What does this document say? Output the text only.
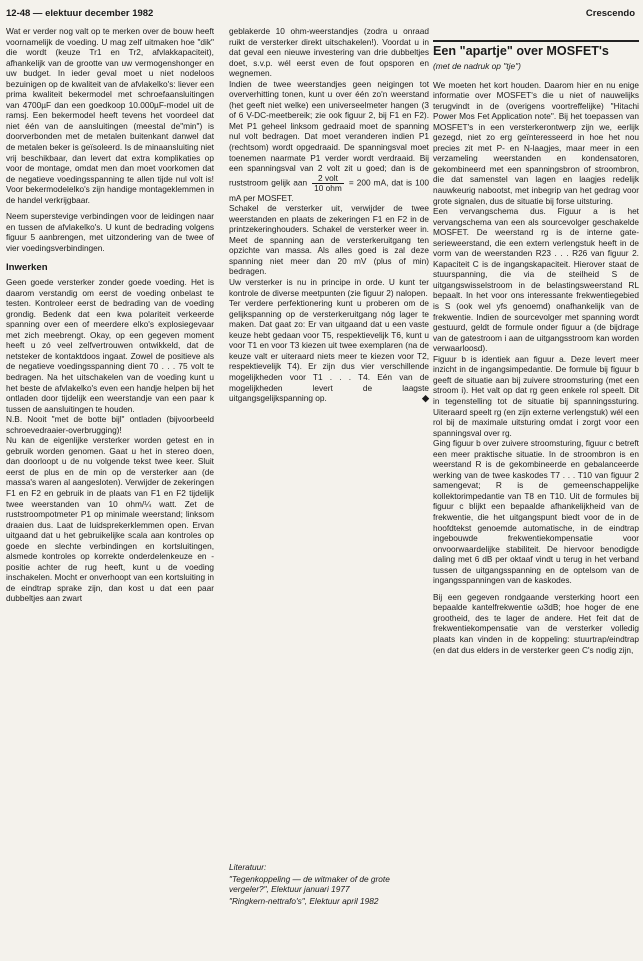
12-48 — elektuur december 1982	Crescendo

Wat er verder nog valt op te merken over de bouw heeft voornamelijk de voeding. U mag zelf uitmaken hoe "dik" die wordt (keuze Tr1 en Tr2, afvlakkapaciteit), afhankelijk van de grootte van uw vermogenshonger en uw budget. In ieder geval moet u niet nodeloos bezuinigen op de kwaliteit van de afvlakelko's: liever een prima kwaliteit bekermodel met schroefaansluitingen van 4700µF dan een goedkoop 10.000µF-model uit de ramsj. Een bekermodel heeft tevens het voordeel dat niet één van de aansluitingen (meestal de"min") is doorverbonden met de metalen buitenkant danwel dat de metalen beker is geïsoleerd. Is de minaansluiting niet vrij beschikbaar, dan levert dat extra komplikaties op voor de montage, omdat men dan moet voorkomen dat de negatieve voedingsspanning te allen tijde nul volt is! Voor bekermodelelko's zijn handige montageklemmen in de handel verkrijgbaar.

Neem superstevige verbindingen voor de leidingen naar en tussen de afvlakelko's. U kunt de bedrading volgens figuur 5 aanbrengen, met uitzondering van de twee of vier voedingsverbindingen.

Inwerken

Geen goede versterker zonder goede voeding. Het is daarom verstandig om eerst de voeding onbelast te testen. Kontroleer eerst de bedrading van de voeding grondig. Bedenk dat een kwa polariteit verkeerde spanning over een of meerdere elko's explosiegevaar met zich meebrengt. Okay, op een gegeven moment heeft u zó veel zelfvertrouwen ontwikkeld, dat de netsteker de kontaktdoos ingaat. Zowel de positieve als de negatieve voedingsspanning dient 70 . . . 75 volt te bedragen. Na het uitschakelen van de voeding kunt u het beste de afvlakelko's even een handje helpen bij het ontladen door tijdelijk een weerstandje van een paar k tussen de aansluitingen te houden.

N.B. Nooit "met de botte bijl" ontladen (bijvoorbeeld schroevedraaier-overbrugging)!

Nu kan de eigenlijke versterker worden getest en in gebruik worden genomen. Gaat u het in stereo doen, dan doorloopt u de nu volgende tekst twee keer. Sluit eerst de plus en de min op de versterker aan (de massa's waren al aangesloten). Verwijder de zekeringen F1 en F2 en gebruik in de plaats van F1 en F2 tijdelijk twee weerstanden van 10 ohm/¼ watt. Zet de ruststroompotmeter P1 op minimale weerstand; linksom draaien dus. Laat de luidsprekerklemmen open. Ervan uitgaand dat u het gebruikelijke scala aan kontroles op goede en slechte verbindingen en kortsluitingen, alsmede kontroles op korrekte onderdelenkeuze en -positie achter de rug heeft, kunt u de voeding inschakelen. Mocht er onverhoopt van een kortsluiting in de eindtrap sprake zijn, dan kost u dat een paar dubbeltjes aan zwart

geblakerde 10 ohm-weerstandjes (zodra u onraad ruikt de versterker direkt uitschakelen!). Voordat u in dat geval een nieuwe investering van drie dubbeltjes doet, s.v.p. wél eerst even de fout opsporen en wegnemen.

Indien de twee weerstandjes geen neigingen tot oververhitting tonen, kunt u over één zo'n weerstand (het geeft niet welke) een universeelmeter hangen (3 of 6 V-DC-meetbereik; zie ook figuur 2, bij F1 en F2). Met P1 geheel linksom gedraaid moet de spanning nul volt bedragen. Dat moet veranderen indien P1 (rechtsom) wordt opgedraaid. De spanningsval moet toenemen naarmate P1 verder wordt verdraaid. Bij een spanningsval van 2 volt zit u goed; dan is de ruststroom gelijk aan $\frac{\text{2 volt}}{\text{10 ohm}} = 200$ mA, dat is 100 mA per MOSFET.

Schakel de versterker uit, verwijder de twee weerstanden en plaats de zekeringen F1 en F2 in de printzekeringhouders. Schakel de versterker weer in. Meet de spanning aan de versterkeruitgang ten opzichte van massa. Als alles goed is zal deze spanning niet meer dan 20 mV (plus of min) bedragen.

Uw versterker is nu in principe in orde. U kunt ter kontrole de diverse meetpunten (zie figuur 2) nalopen.

Ter verdere perfektionering kunt u proberen om de gelijkspanning op de versterkeruitgang nóg lager te maken. Dat gaat zo: Er van uitgaand dat u een vaste keuze hebt gedaan voor T5, respektievelijk T6, kunt u voor T1 en voor T3 kiezen uit twee exemplaren (na de keuze valt er uiteraard niets meer te kiezen voor T2, respektievelijk T4). Er zijn dus vier verschillende mogelijkheden voor T1 . . . T4. Eén van de mogelijkheden levert de laagste uitgangsgelijkspanning op.	◆

Literatuur:

"Tegenkoppeling — de witmaker of de grote vergeler?", Elektuur januari 1977

"Ringkern-nettrafo's", Elektuur april 1982

Een "apartje" over MOSFET's
(met de nadruk op "tje")

We moeten het kort houden. Daarom hier en nu enige informatie over MOSFET's die u niet of nauwelijks terugvindt in de (overigens voortreffelijke) "Hitachi Power Mos Fet Application note". Bij het toepassen van MOSFET's in een versterkerontwerp zijn we, eerlijk gezegd, niet zo erg geïnteresseerd in hoe het nou precies zit met P- en N-laagjes, maar meer in een verzameling weerstanden en kondensatoren, gekombineerd met een spanningsbron of stroombron, die dat samenstel van lagen en laagjes redelijk nauwkeurig nabootst, met inbegrip van het gedrag voor grote signalen, dus de situatie bij forse uitsturing.

Een vervangschema dus. Figuur a is het vervangschema van een als sourcevolger geschakelde MOSFET. De weerstand rg is de interne gate-serieweerstand, die een extern verlengstuk heeft in de vorm van de weerstanden R23 . . . R26 van figuur 2. Kapaciteit C is de ingangskapaciteit. Hierover staat de stuurspanning, die via de steilheid S de uitgangswisselstroom in de belastingsweerstand RL bepaalt. In het voor ons interessante frekwentiegebied is S (ook wel yfs genoemd) onafhankelijk van de frekwentie. Indien de sourcevolger met spanning wordt gestuurd, geldt de formule onder figuur a (de bijdrage van de gatestroom i aan de uitgangsstroom kan worden verwaarloosd).

Figuur b is identiek aan figuur a. Deze levert meer inzicht in de ingangsimpedantie. De formule bij figuur b geeft de situatie aan bij zuivere stroomsturing (met een stroom i). Het valt op dat rg geen enkele rol speelt. Dit in tegenstelling tot de situatie bij spanningssturing. Uiteraard speelt rg (en zijn externe verlengstuk) wél een rol bij de maximale uitsturing omdat i zorgt voor een spanningsval over rg.

Ging figuur b over zuivere stroomsturing, figuur c betreft een meer praktische situatie. In de stroombron is en weerstand R is de gekombineerde en gebalanceerde werking van de twee kaskodes T7 . . . T10 van figuur 2 samengevat; R is de gemeenschappelijke kollektorimpedantie van T8 en T10. Uit de formules bij figuur c blijkt een bepaalde afhankelijkheid van de frekwentie, die het uitgangspunt biedt voor de in de hoofdtekst genoemde automatische, in de eindtrap ingebouwde frekwentiekompensatie voor onvoorwaardelijke stabiliteit. De hiervoor benodigde daling met 6 dB per oktaaf vindt u terug in het verband tussen de uitgangsspanning en de optelsom van de ingangsspanningen van de kaskodes.

Bij een gegeven rondgaande versterking hoort een bepaalde kantelfrekwentie ω3dB; hoe hoger de ene grootheid, des te lager de andere. Het feit dat de frekwentiekompensatie van de versterker volledig plaats kan vinden in de koppeling: stuurtrap/eindtrap (en dat dus elders in de versterker geen C's nodig zijn,
